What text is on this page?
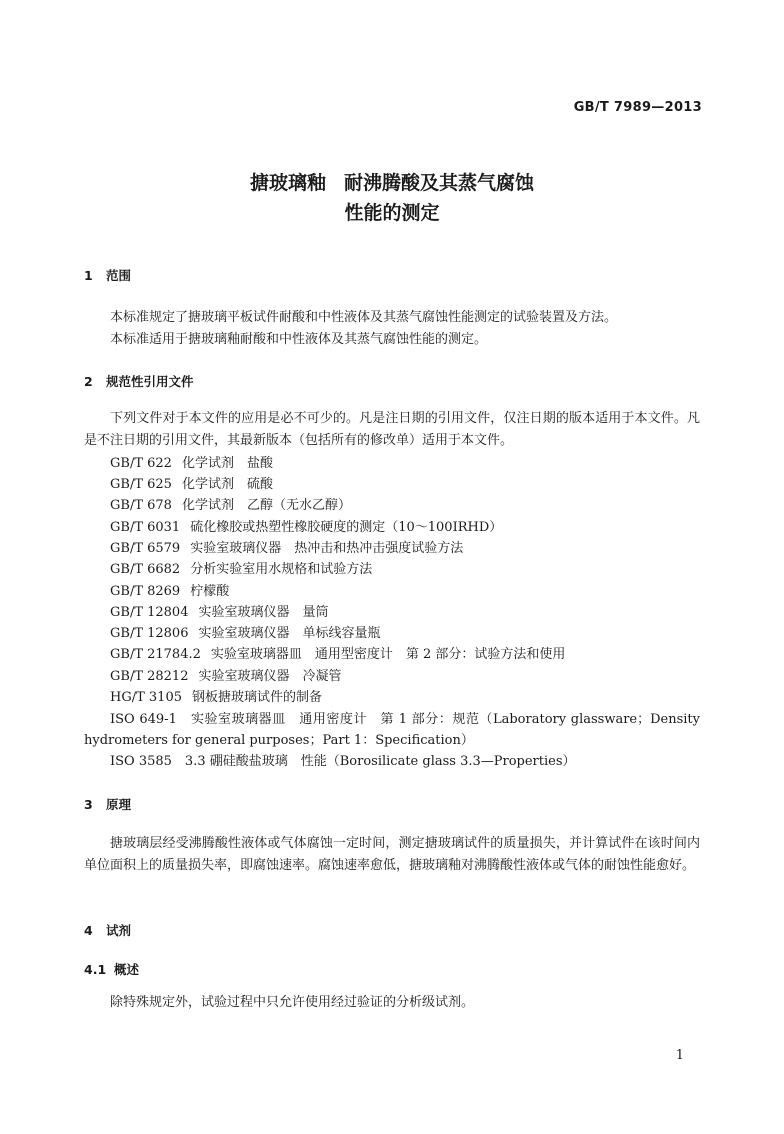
GB/T 7989—2013
搪玻璃釉 耐沸腾酸及其蒸气腐蚀
性能的测定
1 范围
本标准规定了搪玻璃平板试件耐酸和中性液体及其蒸气腐蚀性能测定的试验装置及方法。
本标准适用于搪玻璃釉耐酸和中性液体及其蒸气腐蚀性能的测定。
2 规范性引用文件
下列文件对于本文件的应用是必不可少的。凡是注日期的引用文件，仅注日期的版本适用于本文件。凡是不注日期的引用文件，其最新版本（包括所有的修改单）适用于本文件。
GB/T 622 化学试剂　盐酸
GB/T 625 化学试剂　硫酸
GB/T 678 化学试剂　乙醇（无水乙醇）
GB/T 6031 硫化橡胶或热塑性橡胶硬度的测定（10～100IRHD）
GB/T 6579 实验室玻璃仪器　热冲击和热冲击强度试验方法
GB/T 6682 分析实验室用水规格和试验方法
GB/T 8269 柠檬酸
GB/T 12804 实验室玻璃仪器　量筒
GB/T 12806 实验室玻璃仪器　单标线容量瓶
GB/T 21784.2 实验室玻璃器皿　通用型密度计　第 2 部分：试验方法和使用
GB/T 28212 实验室玻璃仪器　冷凝管
HG/T 3105 钢板搪玻璃试件的制备
ISO 649-1　实验室玻璃器皿　通用密度计　第 1 部分：规范（Laboratory glassware；Density hydrometers for general purposes；Part 1：Specification）
ISO 3585　3.3 硼硅酸盐玻璃　性能（Borosilicate glass 3.3—Properties）
3 原理
搪玻璃层经受沸腾酸性液体或气体腐蚀一定时间，测定搪玻璃试件的质量损失，并计算试件在该时间内单位面积上的质量损失率，即腐蚀速率。腐蚀速率愈低，搪玻璃釉对沸腾酸性液体或气体的耐蚀性能愈好。
4 试剂
4.1 概述
除特殊规定外，试验过程中只允许使用经过验证的分析级试剂。
1
